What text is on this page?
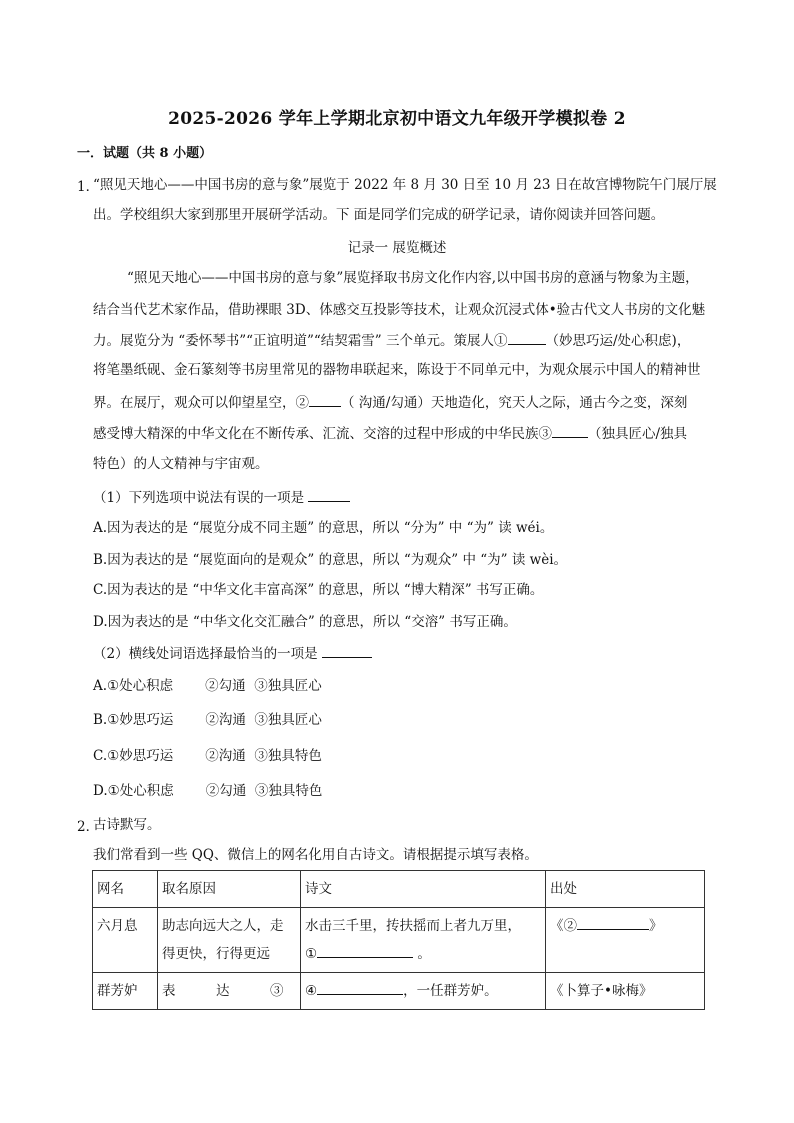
2025-2026 学年上学期北京初中语文九年级开学模拟卷 2
一．试题（共 8 小题）
1．
“照见天地心——中国书房的意与象”展览于 2022 年 8 月 30 日至 10 月 23 日在故宫博物院午门展厅展
出。学校组织大家到那里开展研学活动。下 面是同学们完成的研学记录，请你阅读并回答问题。
记录一 展览概述
“照见天地心——中国书房的意与象”展览择取书房文化作内容,以中国书房的意涵与物象为主题，
结合当代艺术家作品，借助裸眼 3D、体感交互投影等技术，让观众沉浸式体•验古代文人书房的文化魅
力。展览分为 “委怀琴书”“正谊明道”“结契霜雪” 三个单元。策展人①	（妙思巧运/处心积虑)，
将笔墨纸砚、金石篆刻等书房里常见的器物串联起来，陈设于不同单元中，为观众展示中国人的精神世
界。在展厅，观众可以仰望星空，② （ 沟通/勾通）天地造化，究天人之际，通古今之变，深刻
感受博大精深的中华文化在不断传承、汇流、交溶的过程中形成的中华民族③	（独具匠心/独具
特色）的人文精神与宇宙观。
（1）下列选项中说法有误的一项是
A.因为表达的是 “展览分成不同主题” 的意思，所以 “分为” 中 “为” 读 wéi。
B.因为表达的是 “展览面向的是观众” 的意思，所以 “为观众” 中 “为” 读 wèi。
C.因为表达的是 “中华文化丰富高深” 的意思，所以 “博大精深” 书写正确。
D.因为表达的是 “中华文化交汇融合” 的意思，所以 “交溶” 书写正确。
（2）横线处词语选择最恰当的一项是
A.①处心积虑 ②勾通 ③独具匠心
B.①妙思巧运 ②沟通 ③独具匠心
C.①妙思巧运 ②沟通 ③独具特色
D.①处心积虑 ②勾通 ③独具特色
2．
古诗默写。
我们常看到一些 QQ、微信上的网名化用自古诗文。请根据提示填写表格。
网名	取名原因	诗文	出处
六月息	助志向远大之人，走得更快，行得更远	水击三千里，抟扶摇而上者九万里，
① 。	《② 》
群芳妒	表　　　达　　　③	④ ，一任群芳妒。	《卜算子•咏梅》
